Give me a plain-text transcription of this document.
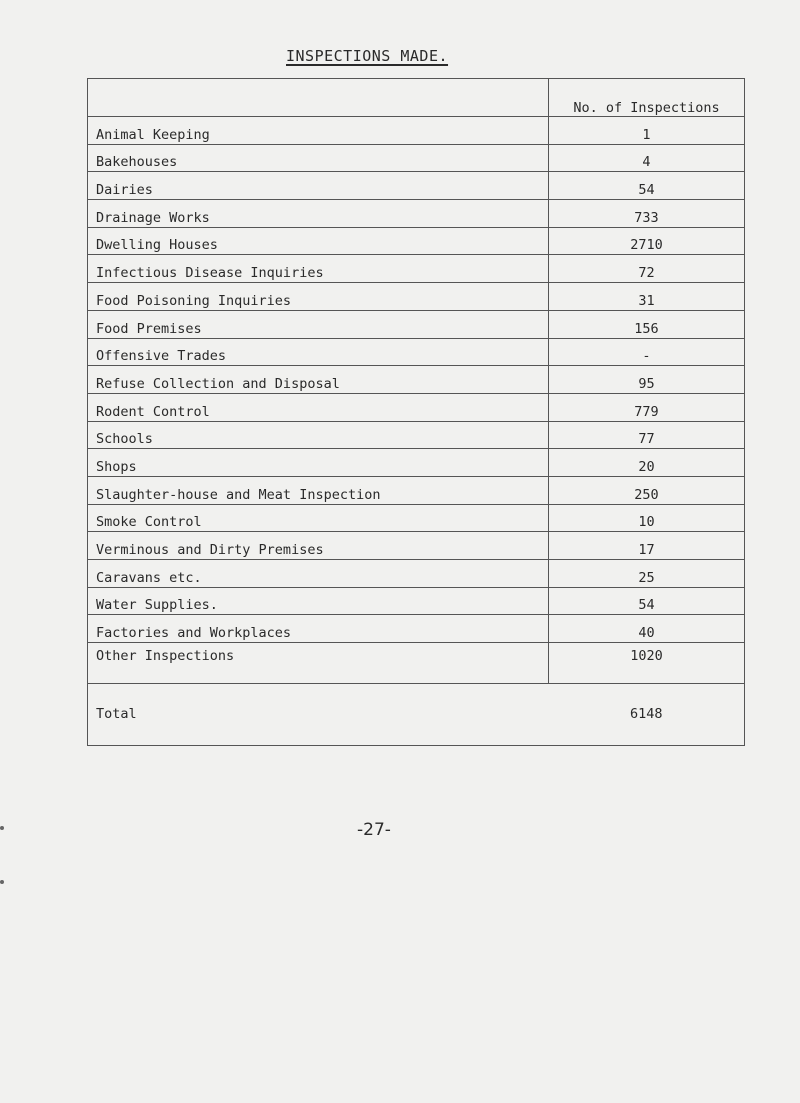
INSPECTIONS MADE.
	No. of Inspections
Animal Keeping	1
Bakehouses	4
Dairies	54
Drainage Works	733
Dwelling Houses	2710
Infectious Disease Inquiries	72
Food Poisoning Inquiries	31
Food Premises	156
Offensive Trades	-
Refuse Collection and Disposal	95
Rodent Control	779
Schools	77
Shops	20
Slaughter-house and Meat Inspection	250
Smoke Control	10
Verminous and Dirty Premises	17
Caravans etc.	25
Water Supplies.	54
Factories and Workplaces	40
Other Inspections	1020
Total	6148

-27-
